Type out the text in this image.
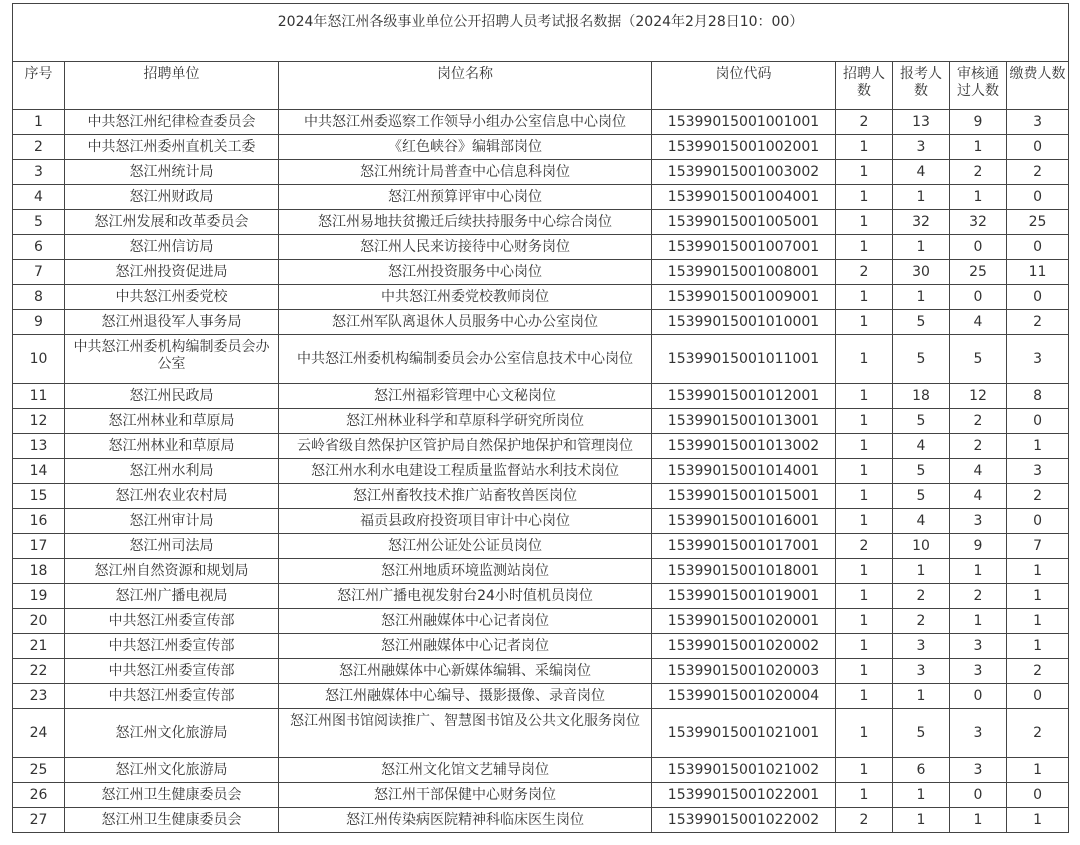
2024年怒江州各级事业单位公开招聘人员考试报名数据（2024年2月28日10：00）							
序号	招聘单位	岗位名称	岗位代码	招聘人数	报考人数	审核通过人数	缴费人数
1	中共怒江州纪律检查委员会	中共怒江州委巡察工作领导小组办公室信息中心岗位	15399015001001001	2	13	9	3
2	中共怒江州委州直机关工委	《红色峡谷》编辑部岗位	15399015001002001	1	3	1	0
3	怒江州统计局	怒江州统计局普查中心信息科岗位	15399015001003002	1	4	2	2
4	怒江州财政局	怒江州预算评审中心岗位	15399015001004001	1	1	1	0
5	怒江州发展和改革委员会	怒江州易地扶贫搬迁后续扶持服务中心综合岗位	15399015001005001	1	32	32	25
6	怒江州信访局	怒江州人民来访接待中心财务岗位	15399015001007001	1	1	0	0
7	怒江州投资促进局	怒江州投资服务中心岗位	15399015001008001	2	30	25	11
8	中共怒江州委党校	中共怒江州委党校教师岗位	15399015001009001	1	1	0	0
9	怒江州退役军人事务局	怒江州军队离退休人员服务中心办公室岗位	15399015001010001	1	5	4	2
10	中共怒江州委机构编制委员会办公室	中共怒江州委机构编制委员会办公室信息技术中心岗位	15399015001011001	1	5	5	3
11	怒江州民政局	怒江州福彩管理中心文秘岗位	15399015001012001	1	18	12	8
12	怒江州林业和草原局	怒江州林业科学和草原科学研究所岗位	15399015001013001	1	5	2	0
13	怒江州林业和草原局	云岭省级自然保护区管护局自然保护地保护和管理岗位	15399015001013002	1	4	2	1
14	怒江州水利局	怒江州水利水电建设工程质量监督站水利技术岗位	15399015001014001	1	5	4	3
15	怒江州农业农村局	怒江州畜牧技术推广站畜牧兽医岗位	15399015001015001	1	5	4	2
16	怒江州审计局	福贡县政府投资项目审计中心岗位	15399015001016001	1	4	3	0
17	怒江州司法局	怒江州公证处公证员岗位	15399015001017001	2	10	9	7
18	怒江州自然资源和规划局	怒江州地质环境监测站岗位	15399015001018001	1	1	1	1
19	怒江州广播电视局	怒江州广播电视发射台24小时值机员岗位	15399015001019001	1	2	2	1
20	中共怒江州委宣传部	怒江州融媒体中心记者岗位	15399015001020001	1	2	1	1
21	中共怒江州委宣传部	怒江州融媒体中心记者岗位	15399015001020002	1	3	3	1
22	中共怒江州委宣传部	怒江州融媒体中心新媒体编辑、采编岗位	15399015001020003	1	3	3	2
23	中共怒江州委宣传部	怒江州融媒体中心编导、摄影摄像、录音岗位	15399015001020004	1	1	0	0
24	怒江州文化旅游局	怒江州图书馆阅读推广、智慧图书馆及公共文化服务岗位	15399015001021001	1	5	3	2
25	怒江州文化旅游局	怒江州文化馆文艺辅导岗位	15399015001021002	1	6	3	1
26	怒江州卫生健康委员会	怒江州干部保健中心财务岗位	15399015001022001	1	1	0	0
27	怒江州卫生健康委员会	怒江州传染病医院精神科临床医生岗位	15399015001022002	2	1	1	1
